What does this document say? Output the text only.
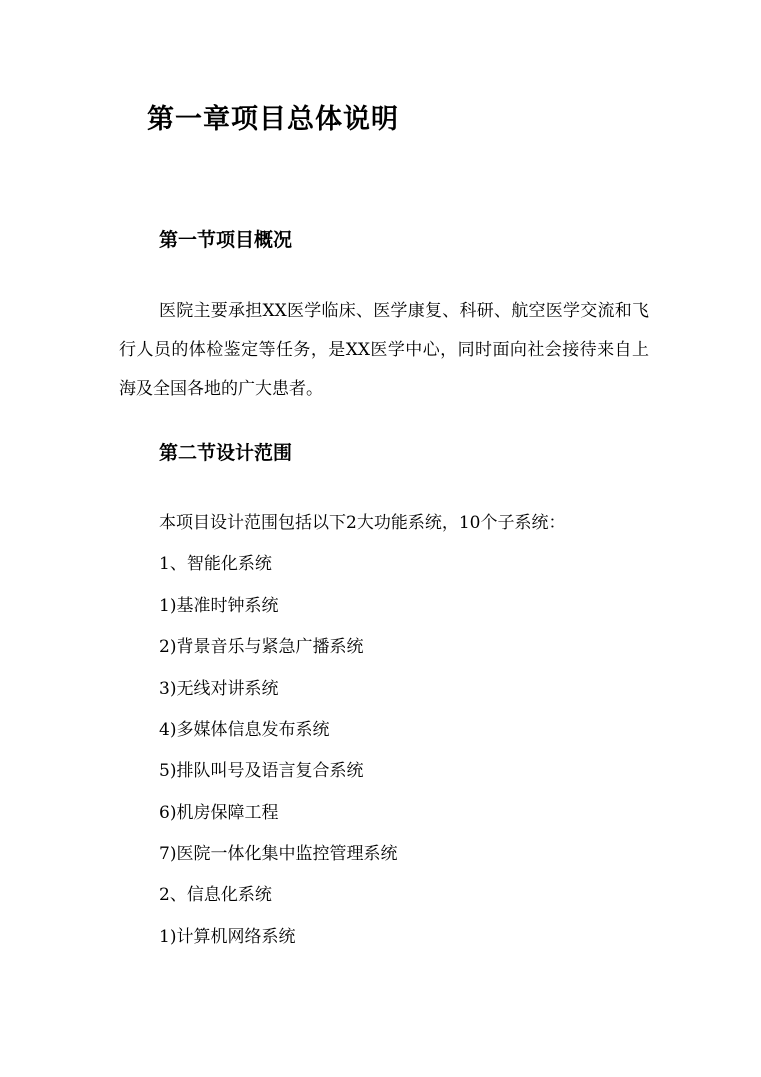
第一章项目总体说明
第一节项目概况

医院主要承担XX医学临床、医学康复、科研、航空医学交流和飞行人员的体检鉴定等任务，是XX医学中心，同时面向社会接待来自上海及全国各地的广大患者。

第二节设计范围

本项目设计范围包括以下2大功能系统，10个子系统：

1、智能化系统

1)基准时钟系统

2)背景音乐与紧急广播系统

3)无线对讲系统

4)多媒体信息发布系统

5)排队叫号及语言复合系统

6)机房保障工程

7)医院一体化集中监控管理系统

2、信息化系统

1)计算机网络系统
